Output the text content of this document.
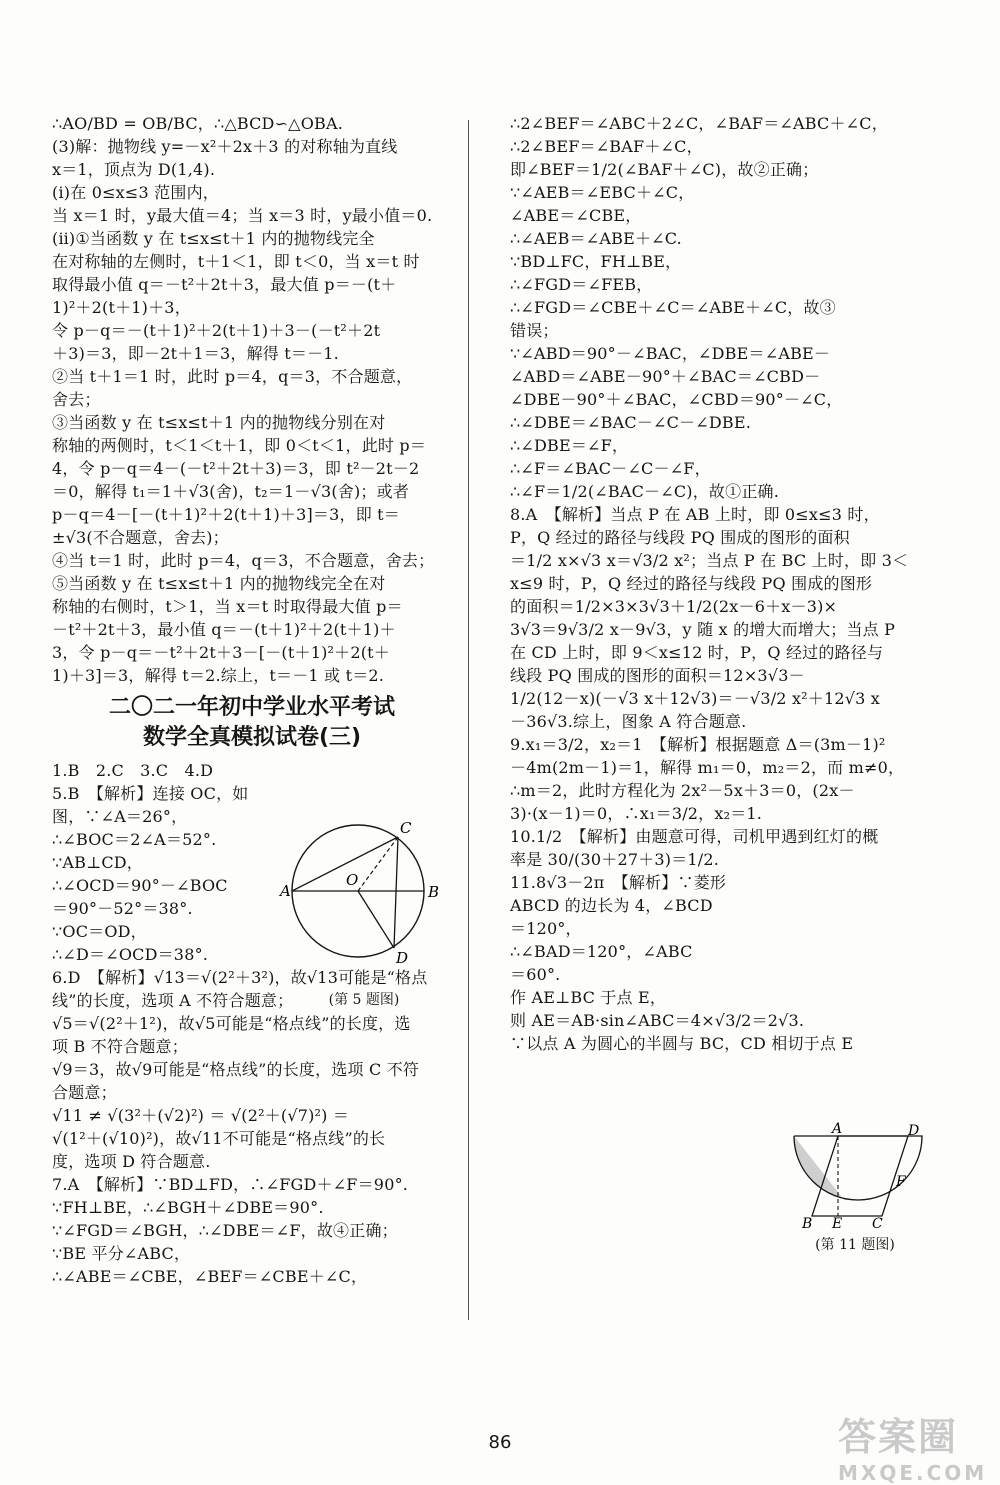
∴AO/BD = OB/BC，∴△BCD∽△OBA.
(3)解：抛物线 y=－x²＋2x＋3 的对称轴为直线
x＝1，顶点为 D(1,4).
(ⅰ)在 0≤x≤3 范围内，
当 x＝1 时，y最大值＝4；当 x＝3 时，y最小值＝0.
(ⅱ)①当函数 y 在 t≤x≤t＋1 内的抛物线完全
在对称轴的左侧时，t＋1＜1，即 t＜0，当 x＝t 时
取得最小值 q＝－t²＋2t＋3，最大值 p＝－(t＋
1)²＋2(t＋1)＋3，
令 p－q＝－(t＋1)²＋2(t＋1)＋3－(－t²＋2t
＋3)＝3，即－2t＋1＝3，解得 t＝－1.
②当 t＋1＝1 时，此时 p＝4，q＝3，不合题意，
舍去；
③当函数 y 在 t≤x≤t＋1 内的抛物线分别在对
称轴的两侧时，t＜1＜t＋1，即 0＜t＜1，此时 p＝
4，令 p－q＝4－(－t²＋2t＋3)＝3，即 t²－2t－2
＝0，解得 t₁＝1＋√3(舍)，t₂＝1－√3(舍)；或者
p－q＝4－[－(t＋1)²＋2(t＋1)＋3]＝3，即 t＝
±√3(不合题意，舍去)；
④当 t＝1 时，此时 p＝4，q＝3，不合题意，舍去；
⑤当函数 y 在 t≤x≤t＋1 内的抛物线完全在对
称轴的右侧时，t＞1，当 x＝t 时取得最大值 p＝
－t²＋2t＋3，最小值 q＝－(t＋1)²＋2(t＋1)＋
3，令 p－q＝－t²＋2t＋3－[－(t＋1)²＋2(t＋
1)＋3]＝3，解得 t＝2.综上，t＝－1 或 t＝2.
二〇二一年初中学业水平考试
数学全真模拟试卷(三)
1.B　2.C　3.C　4.D
5.B　【解析】连接 OC，如
图，∵∠A＝26°，
∴∠BOC＝2∠A＝52°.
∵AB⊥CD，
∴∠OCD＝90°－∠BOC
＝90°－52°＝38°.
∵OC＝OD，
∴∠D＝∠OCD＝38°.
6.D　【解析】√13＝√(2²＋3²)，故√13可能是“格点
线”的长度，选项 A 不符合题意；
√5＝√(2²＋1²)，故√5可能是“格点线”的长度，选
项 B 不符合题意；
√9＝3，故√9可能是“格点线”的长度，选项 C 不符
合题意；
√11 ≠ √(3²＋(√2)²) ＝ √(2²＋(√7)²) ＝
√(1²＋(√10)²)，故√11不可能是“格点线”的长
度，选项 D 符合题意.
7.A　【解析】∵BD⊥FD，∴∠FGD＋∠F＝90°.
∵FH⊥BE，∴∠BGH＋∠DBE＝90°.
∵∠FGD＝∠BGH，∴∠DBE＝∠F，故④正确；
∵BE 平分∠ABC，
∴∠ABE＝∠CBE，∠BEF＝∠CBE＋∠C，
∴2∠BEF＝∠ABC＋2∠C，∠BAF＝∠ABC＋∠C，
∴2∠BEF＝∠BAF＋∠C，
即∠BEF＝1/2(∠BAF＋∠C)，故②正确；
∵∠AEB＝∠EBC＋∠C，
∠ABE＝∠CBE，
∴∠AEB＝∠ABE＋∠C.
∵BD⊥FC，FH⊥BE，
∴∠FGD＝∠FEB，
∴∠FGD＝∠CBE＋∠C＝∠ABE＋∠C，故③
错误；
∵∠ABD＝90°－∠BAC，∠DBE＝∠ABE－
∠ABD＝∠ABE－90°＋∠BAC＝∠CBD－
∠DBE－90°＋∠BAC，∠CBD＝90°－∠C，
∴∠DBE＝∠BAC－∠C－∠DBE.
∴∠DBE＝∠F，
∴∠F＝∠BAC－∠C－∠F，
∴∠F＝1/2(∠BAC－∠C)，故①正确.
8.A　【解析】当点 P 在 AB 上时，即 0≤x≤3 时，
P，Q 经过的路径与线段 PQ 围成的图形的面积
＝1/2 x×√3 x＝√3/2 x²；当点 P 在 BC 上时，即 3＜
x≤9 时，P，Q 经过的路径与线段 PQ 围成的图形
的面积＝1/2×3×3√3＋1/2(2x－6＋x－3)×
3√3＝9√3/2 x－9√3，y 随 x 的增大而增大；当点 P
在 CD 上时，即 9＜x≤12 时，P，Q 经过的路径与
线段 PQ 围成的图形的面积＝12×3√3－
1/2(12－x)(－√3 x＋12√3)＝－√3/2 x²＋12√3 x
－36√3.综上，图象 A 符合题意.
9.x₁＝3/2，x₂＝1　【解析】根据题意 Δ＝(3m－1)²
－4m(2m－1)＝1，解得 m₁＝0，m₂＝2，而 m≠0，
∴m＝2，此时方程化为 2x²－5x＋3＝0，(2x－
3)·(x－1)＝0，∴x₁＝3/2，x₂＝1.
10.1/2　【解析】由题意可得，司机甲遇到红灯的概
率是 30/(30＋27＋3)＝1/2.
11.8√3－2π　【解析】∵菱形
ABCD 的边长为 4，∠BCD
＝120°，
∴∠BAD＝120°，∠ABC
＝60°.
作 AE⊥BC 于点 E，
则 AE＝AB·sin∠ABC＝4×√3/2＝2√3.
∵以点 A 为圆心的半圆与 BC，CD 相切于点 E
A	B
C
D
O
(第 5 题图)
A	D
B E C
F
(第 11 题图)
86	答案圈
MXQE.COM
